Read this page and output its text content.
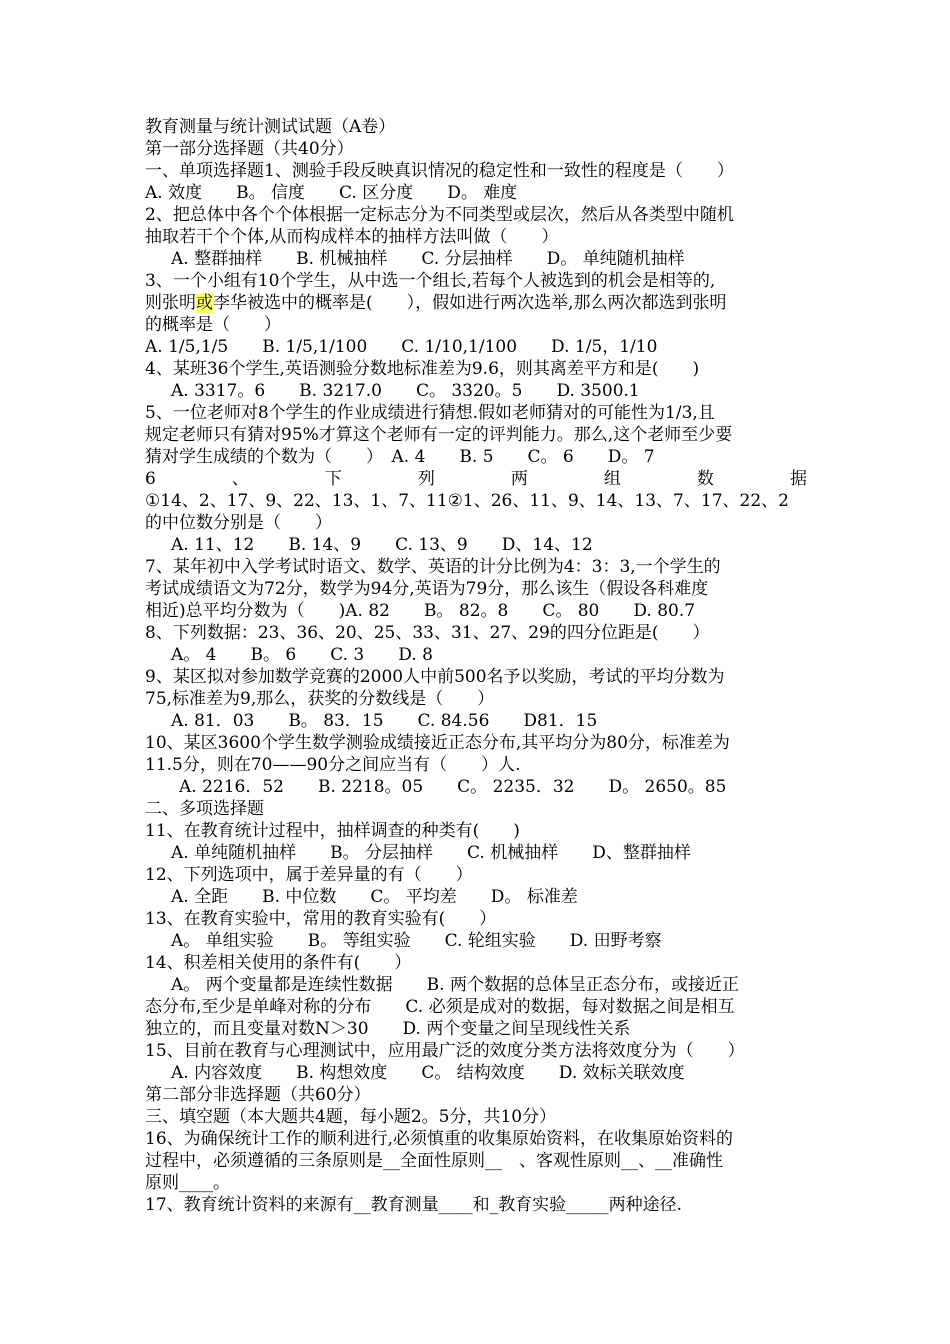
教育测量与统计测试试题（A卷）
第一部分选择题（共40分）
一、单项选择题1、测验手段反映真识情况的稳定性和一致性的程度是（　　）
A. 效度　　B。 信度　　C. 区分度　　D。 难度
2、把总体中各个个体根据一定标志分为不同类型或层次，然后从各类型中随机
抽取若干个个体,从而构成样本的抽样方法叫做（　　）
A. 整群抽样　　B. 机械抽样　　C. 分层抽样　　D。 单纯随机抽样
3、一个小组有10个学生，从中选一个组长,若每个人被选到的机会是相等的,
则张明或李华被选中的概率是(　　），假如进行两次选举,那么两次都选到张明
的概率是（　　）
A. 1/5,1/5　　B. 1/5,1/100　　C. 1/10,1/100　　D. 1/5，1/10
4、某班36个学生,英语测验分数地标准差为9.6，则其离差平方和是(　　)
A. 3317。6　　B. 3217.0　　C。 3320。5　　D. 3500.1
5、一位老师对8个学生的作业成绩进行猜想.假如老师猜对的可能性为1/3,且
规定老师只有猜对95%才算这个老师有一定的评判能力。那么,这个老师至少要
猜对学生成绩的个数为（　　）　A. 4　　B. 5　　C。 6　　D。 7
6	、	下	列	两	组	数	据
①14、2、17、9、22、13、1、7、11②1、26、11、9、14、13、7、17、22、2
的中位数分别是（　　）
A. 11、12　　B. 14、9　　C. 13、9　　D、14、12
7、某年初中入学考试时语文、数学、英语的计分比例为4：3：3,一个学生的
考试成绩语文为72分，数学为94分,英语为79分，那么该生（假设各科难度
相近)总平均分数为（　　)A. 82　　B。 82。8　　C。 80　　D. 80.7
8、下列数据：23、36、20、25、33、31、27、29的四分位距是(　　）
A。 4　　B。 6　　C. 3　　D. 8
9、某区拟对参加数学竞赛的2000人中前500名予以奖励，考试的平均分数为
75,标准差为9,那么，获奖的分数线是（　　）
A. 81．03　　B。 83．15　　C. 84.56　　D81．15
10、某区3600个学生数学测验成绩接近正态分布,其平均分为80分，标准差为
11.5分，则在70——90分之间应当有（　　）人.
A. 2216．52　　B. 2218。05　　C。 2235．32　　D。 2650。85
二、多项选择题
11、在教育统计过程中，抽样调查的种类有(　　)
A. 单纯随机抽样　　B。 分层抽样　　C. 机械抽样　　D、整群抽样
12、下列选项中，属于差异量的有（　　）
A. 全距　　B. 中位数　　C。 平均差　　D。 标准差
13、在教育实验中，常用的教育实验有(　　）
A。 单组实验　　B。 等组实验　　C. 轮组实验　　D. 田野考察
14、积差相关使用的条件有(　　）
A。 两个变量都是连续性数据　　B. 两个数据的总体呈正态分布，或接近正
态分布,至少是单峰对称的分布　　C. 必须是成对的数据，每对数据之间是相互
独立的，而且变量对数N＞30　　D. 两个变量之间呈现线性关系
15、目前在教育与心理测试中，应用最广泛的效度分类方法将效度分为（　　）
A. 内容效度　　B. 构想效度　　C。 结构效度　　D. 效标关联效度
第二部分非选择题（共60分）
三、填空题（本大题共4题，每小题2。5分，共10分）
16、为确保统计工作的顺利进行,必须慎重的收集原始资料，在收集原始资料的
过程中，必须遵循的三条原则是__全面性原则__　、客观性原则__、__准确性
原则____。
17、教育统计资料的来源有__教育测量____和_教育实验_____两种途径.
